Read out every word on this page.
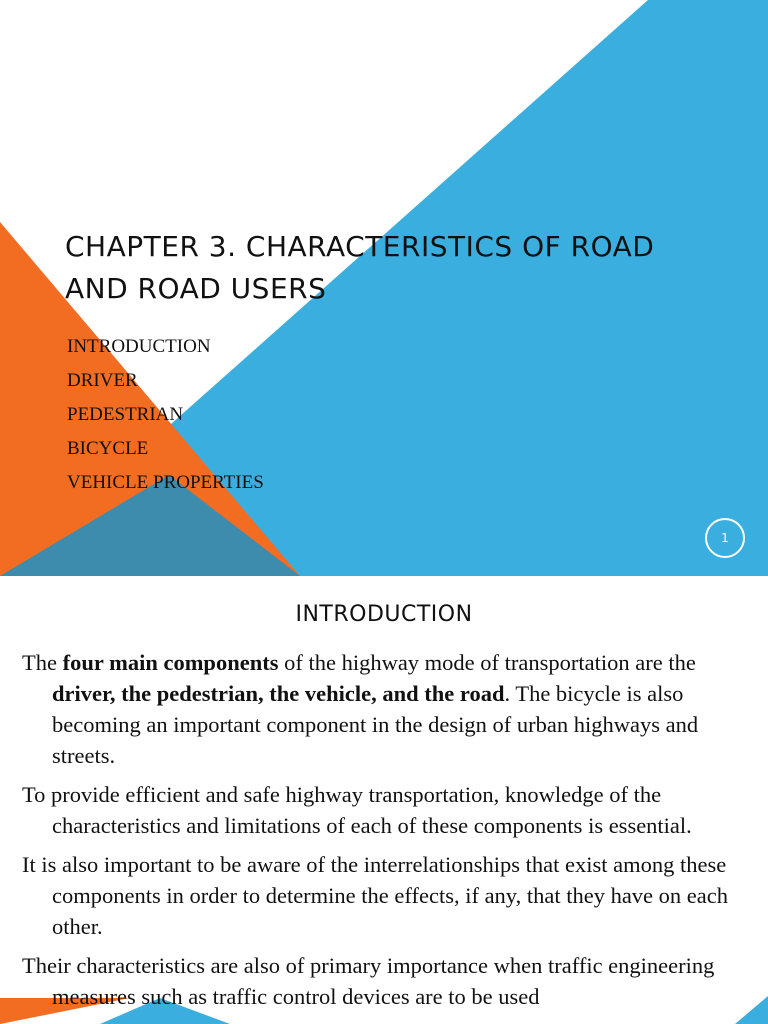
CHAPTER 3. CHARACTERISTICS OF ROAD AND ROAD USERS
INTRODUCTION
DRIVER
PEDESTRIAN
BICYCLE
VEHICLE PROPERTIES
1
INTRODUCTION

The four main components of the highway mode of transportation are the driver, the pedestrian, the vehicle, and the road. The bicycle is also becoming an important component in the design of urban highways and streets.

To provide efficient and safe highway transportation, knowledge of the characteristics and limitations of each of these components is essential.

It is also important to be aware of the interrelationships that exist among these components in order to determine the effects, if any, that they have on each other.

Their characteristics are also of primary importance when traffic engineering measures such as traffic control devices are to be used
